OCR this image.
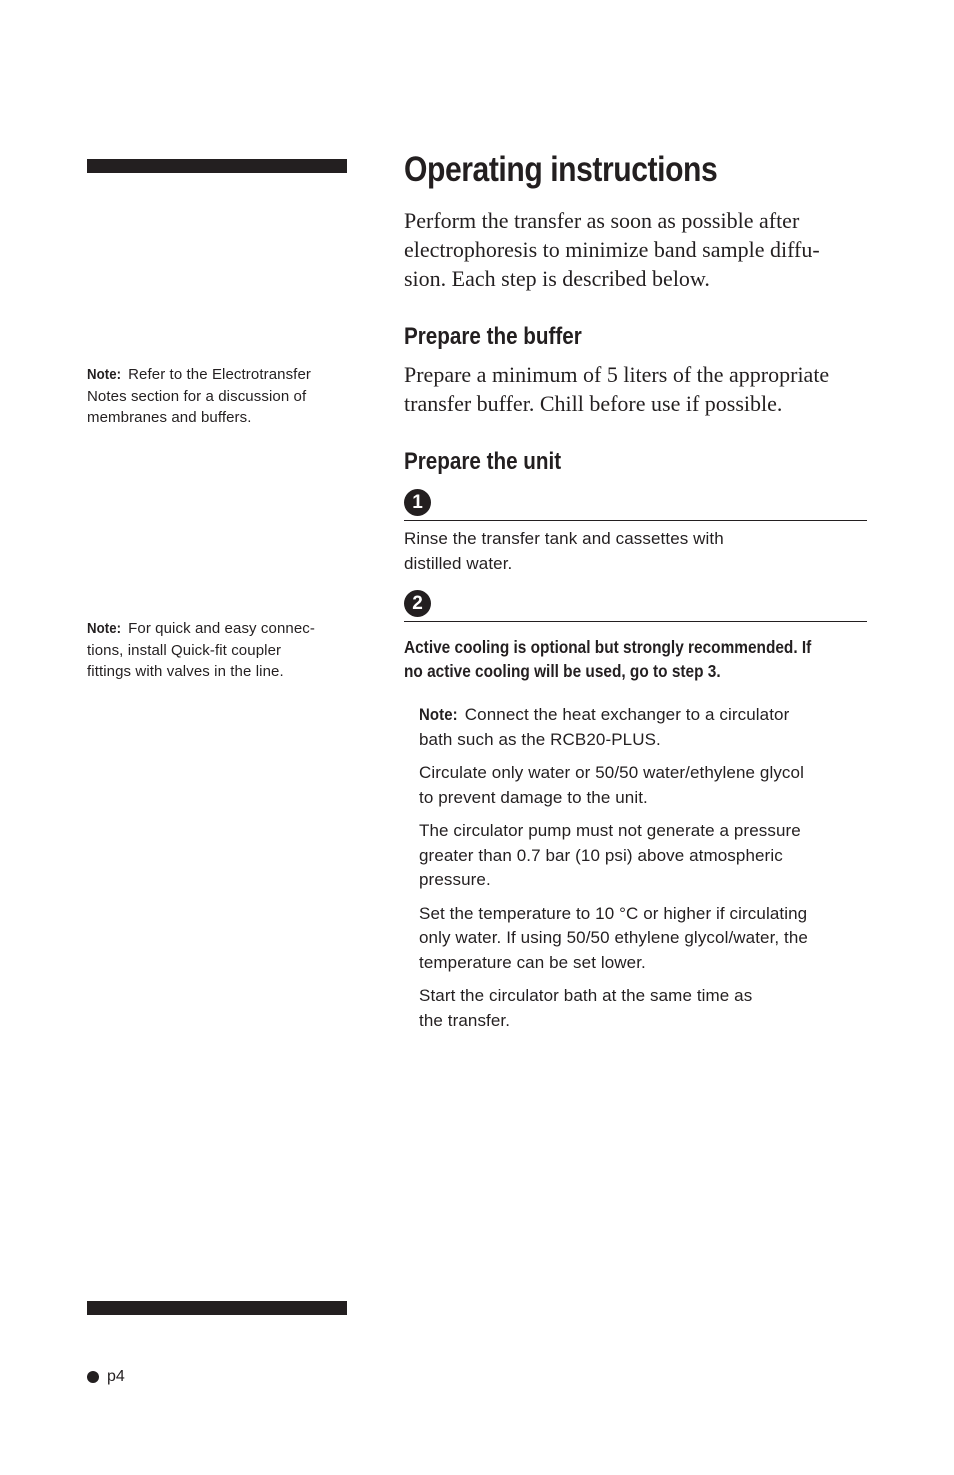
Operating instructions

Perform the transfer as soon as possible after
electrophoresis to minimize band sample diffu-
sion. Each step is described below.

Prepare the buffer

Prepare a minimum of 5 liters of the appropriate
transfer buffer. Chill before use if possible.

Note: Refer to the Electrotransfer
Notes section for a discussion of
membranes and buffers.
Prepare the unit
1

Rinse the transfer tank and cassettes with
distilled water.

2
Note: For quick and easy connec-
tions, install Quick-fit coupler
fittings with valves in the line.

Active cooling is optional but strongly recommended. If
no active cooling will be used, go to step 3.

Note: Connect the heat exchanger to a circulator
bath such as the RCB20-PLUS.

Circulate only water or 50/50 water/ethylene glycol
to prevent damage to the unit.

The circulator pump must not generate a pressure
greater than 0.7 bar (10 psi) above atmospheric
pressure.

Set the temperature to 10 °C or higher if circulating
only water. If using 50/50 ethylene glycol/water, the
temperature can be set lower.

Start the circulator bath at the same time as
the transfer.

p4
